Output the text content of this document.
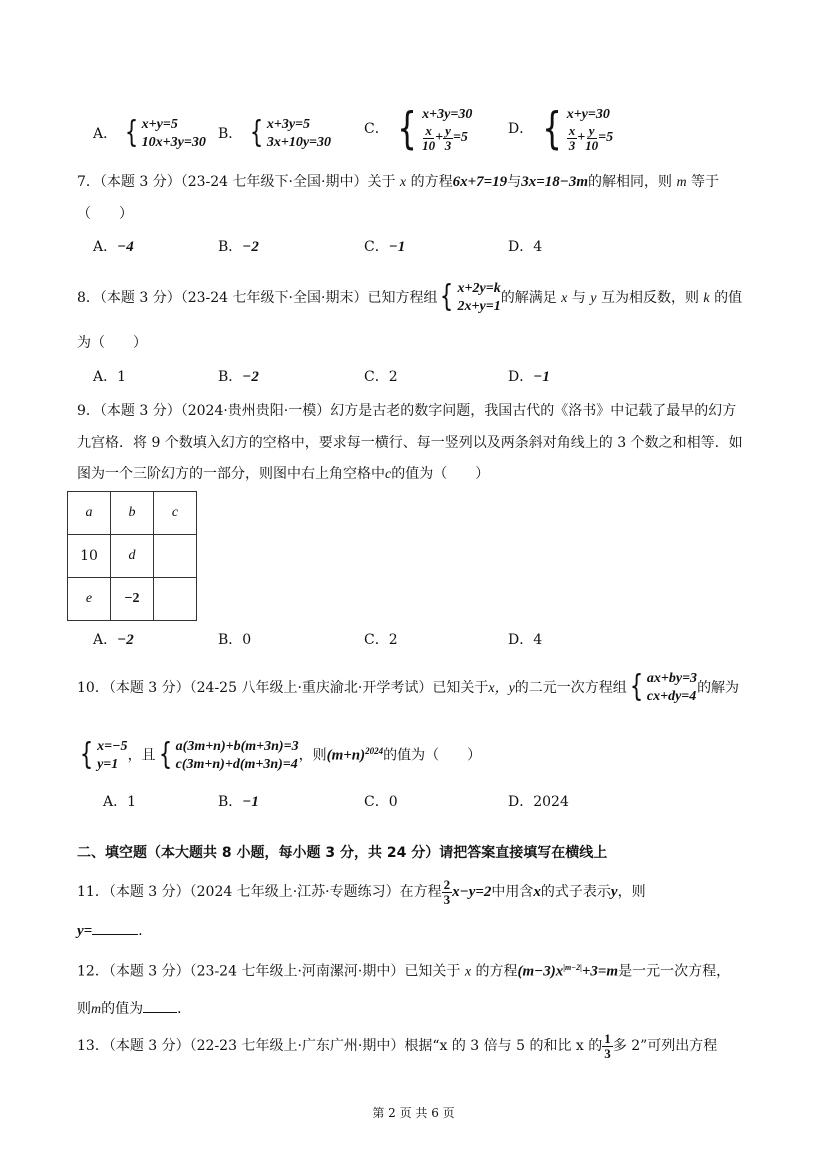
A． { x+y=5
10x+3y=30
B． { x+3y=5
3x+10y=30
C． { x+3y=30
$\frac{x}{10} + \frac{y}{3} =5$
D． { x+y=30
$\frac{x}{3} + \frac{y}{10} =5$
7．（本题 3 分）（23-24 七年级下·全国·期中）关于 x 的方程6x+7=19与3x=18−3m的解相同，则 m 等于
（　　）
A．−4	B．−2	C．−1	D．4
8．（本题 3 分）（23-24 七年级下·全国·期末）已知方程组 { x+2y=k
2x+y=1
的解满足 x 与 y 互为相反数，则 k 的值
为（　　）
A．1	B．−2	C．2	D．−1
9．（本题 3 分）（2024·贵州贵阳·一模）幻方是古老的数字问题，我国古代的《洛书》中记载了最早的幻方
九宫格．将 9 个数填入幻方的空格中，要求每一横行、每一竖列以及两条斜对角线上的 3 个数之和相等．如
图为一个三阶幻方的一部分，则图中右上角空格中c的值为（　　）
a	b	c
10	d	
e	−2	
A．−2	B．0	C．2	D．4
10．（本题 3 分）（24-25 八年级上·重庆渝北·开学考试）已知关于x，y的二元一次方程组 { ax+by=3
cx+dy=4
的解为
{ x=−5
y=1
，且 { a(3m+n)+b(m+3n)=3
c(3m+n)+d(m+3n)=4
，则$(m+n)^{2024}$的值为（　　）
A．1	B．−1	C．0	D．2024
二、填空题（本大题共 8 小题，每小题 3 分，共 24 分）请把答案直接填写在横线上
11．（本题 3 分）（2024 七年级上·江苏·专题练习）在方程 $\frac{2}{3} x-y=2$中用含x的式子表示y，则
y=	．
12．（本题 3 分）（23-24 七年级上·河南漯河·期中）已知关于 x 的方程$(m-3)x^{|m-2|}+3=m$是一元一次方程，
则m的值为 ．
13．（本题 3 分）（22-23 七年级上·广东广州·期中）根据“x 的 3 倍与 5 的和比 x 的 $\frac{1}{3}$ 多 2”可列出方程
第 2 页 共 6 页
